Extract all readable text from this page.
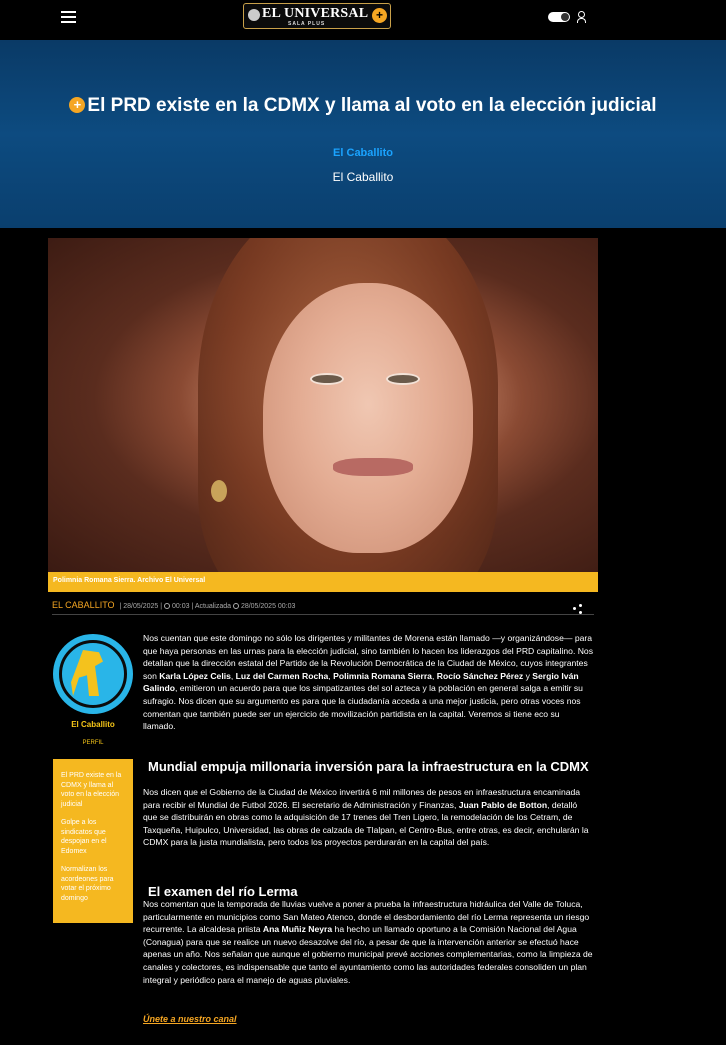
EL UNIVERSAL
SALA PLUS
+
+ El PRD existe en la CDMX y llama al voto en la elección judicial
El Caballito
El Caballito
Polimnia Romana Sierra. Archivo El Universal
EL CABALLITO | 28/05/2025 |  00:03 | Actualizada 28/05/2025 00:03
El Caballito
PERFIL
El PRD existe en la CDMX y llama al voto en la elección judicial
Golpe a los sindicatos que despojan en el Edomex
Normalizan los acordeones para votar el próximo domingo

Nos cuentan que este domingo no sólo los dirigentes y militantes de Morena están llamado —y organizándose— para que haya personas en las urnas para la elección judicial, sino también lo hacen los liderazgos del PRD capitalino. Nos detallan que la dirección estatal del Partido de la Revolución Democrática de la Ciudad de México, cuyos integrantes son Karla López Celis, Luz del Carmen Rocha, Polimnia Romana Sierra, Rocío Sánchez Pérez y Sergio Iván Galindo, emitieron un acuerdo para que los simpatizantes del sol azteca y la población en general salga a emitir su sufragio. Nos dicen que su argumento es para que la ciudadanía acceda a una mejor justicia, pero otras voces nos comentan que también puede ser un ejercicio de movilización partidista en la capital. Veremos si tiene eco su llamado.

Mundial empuja millonaria inversión para la infraestructura en la CDMX

Nos dicen que el Gobierno de la Ciudad de México invertirá 6 mil millones de pesos en infraestructura encaminada para recibir el Mundial de Futbol 2026. El secretario de Administración y Finanzas, Juan Pablo de Botton, detalló que se distribuirán en obras como la adquisición de 17 trenes del Tren Ligero, la remodelación de los Cetram, de Taxqueña, Huipulco, Universidad, las obras de calzada de Tlalpan, el Centro-Bus, entre otras, es decir, enchularán la CDMX para la justa mundialista, pero todos los proyectos perdurarán en la capital del país.

El examen del río Lerma

Nos comentan que la temporada de lluvias vuelve a poner a prueba la infraestructura hidráulica del Valle de Toluca, particularmente en municipios como San Mateo Atenco, donde el desbordamiento del río Lerma representa un riesgo recurrente. La alcaldesa priista Ana Muñiz Neyra ha hecho un llamado oportuno a la Comisión Nacional del Agua (Conagua) para que se realice un nuevo desazolve del río, a pesar de que la intervención anterior se efectuó hace apenas un año. Nos señalan que aunque el gobierno municipal prevé acciones complementarias, como la limpieza de canales y colectores, es indispensable que tanto el ayuntamiento como las autoridades federales consoliden un plan integral y periódico para el manejo de aguas pluviales.

Únete a nuestro canal
